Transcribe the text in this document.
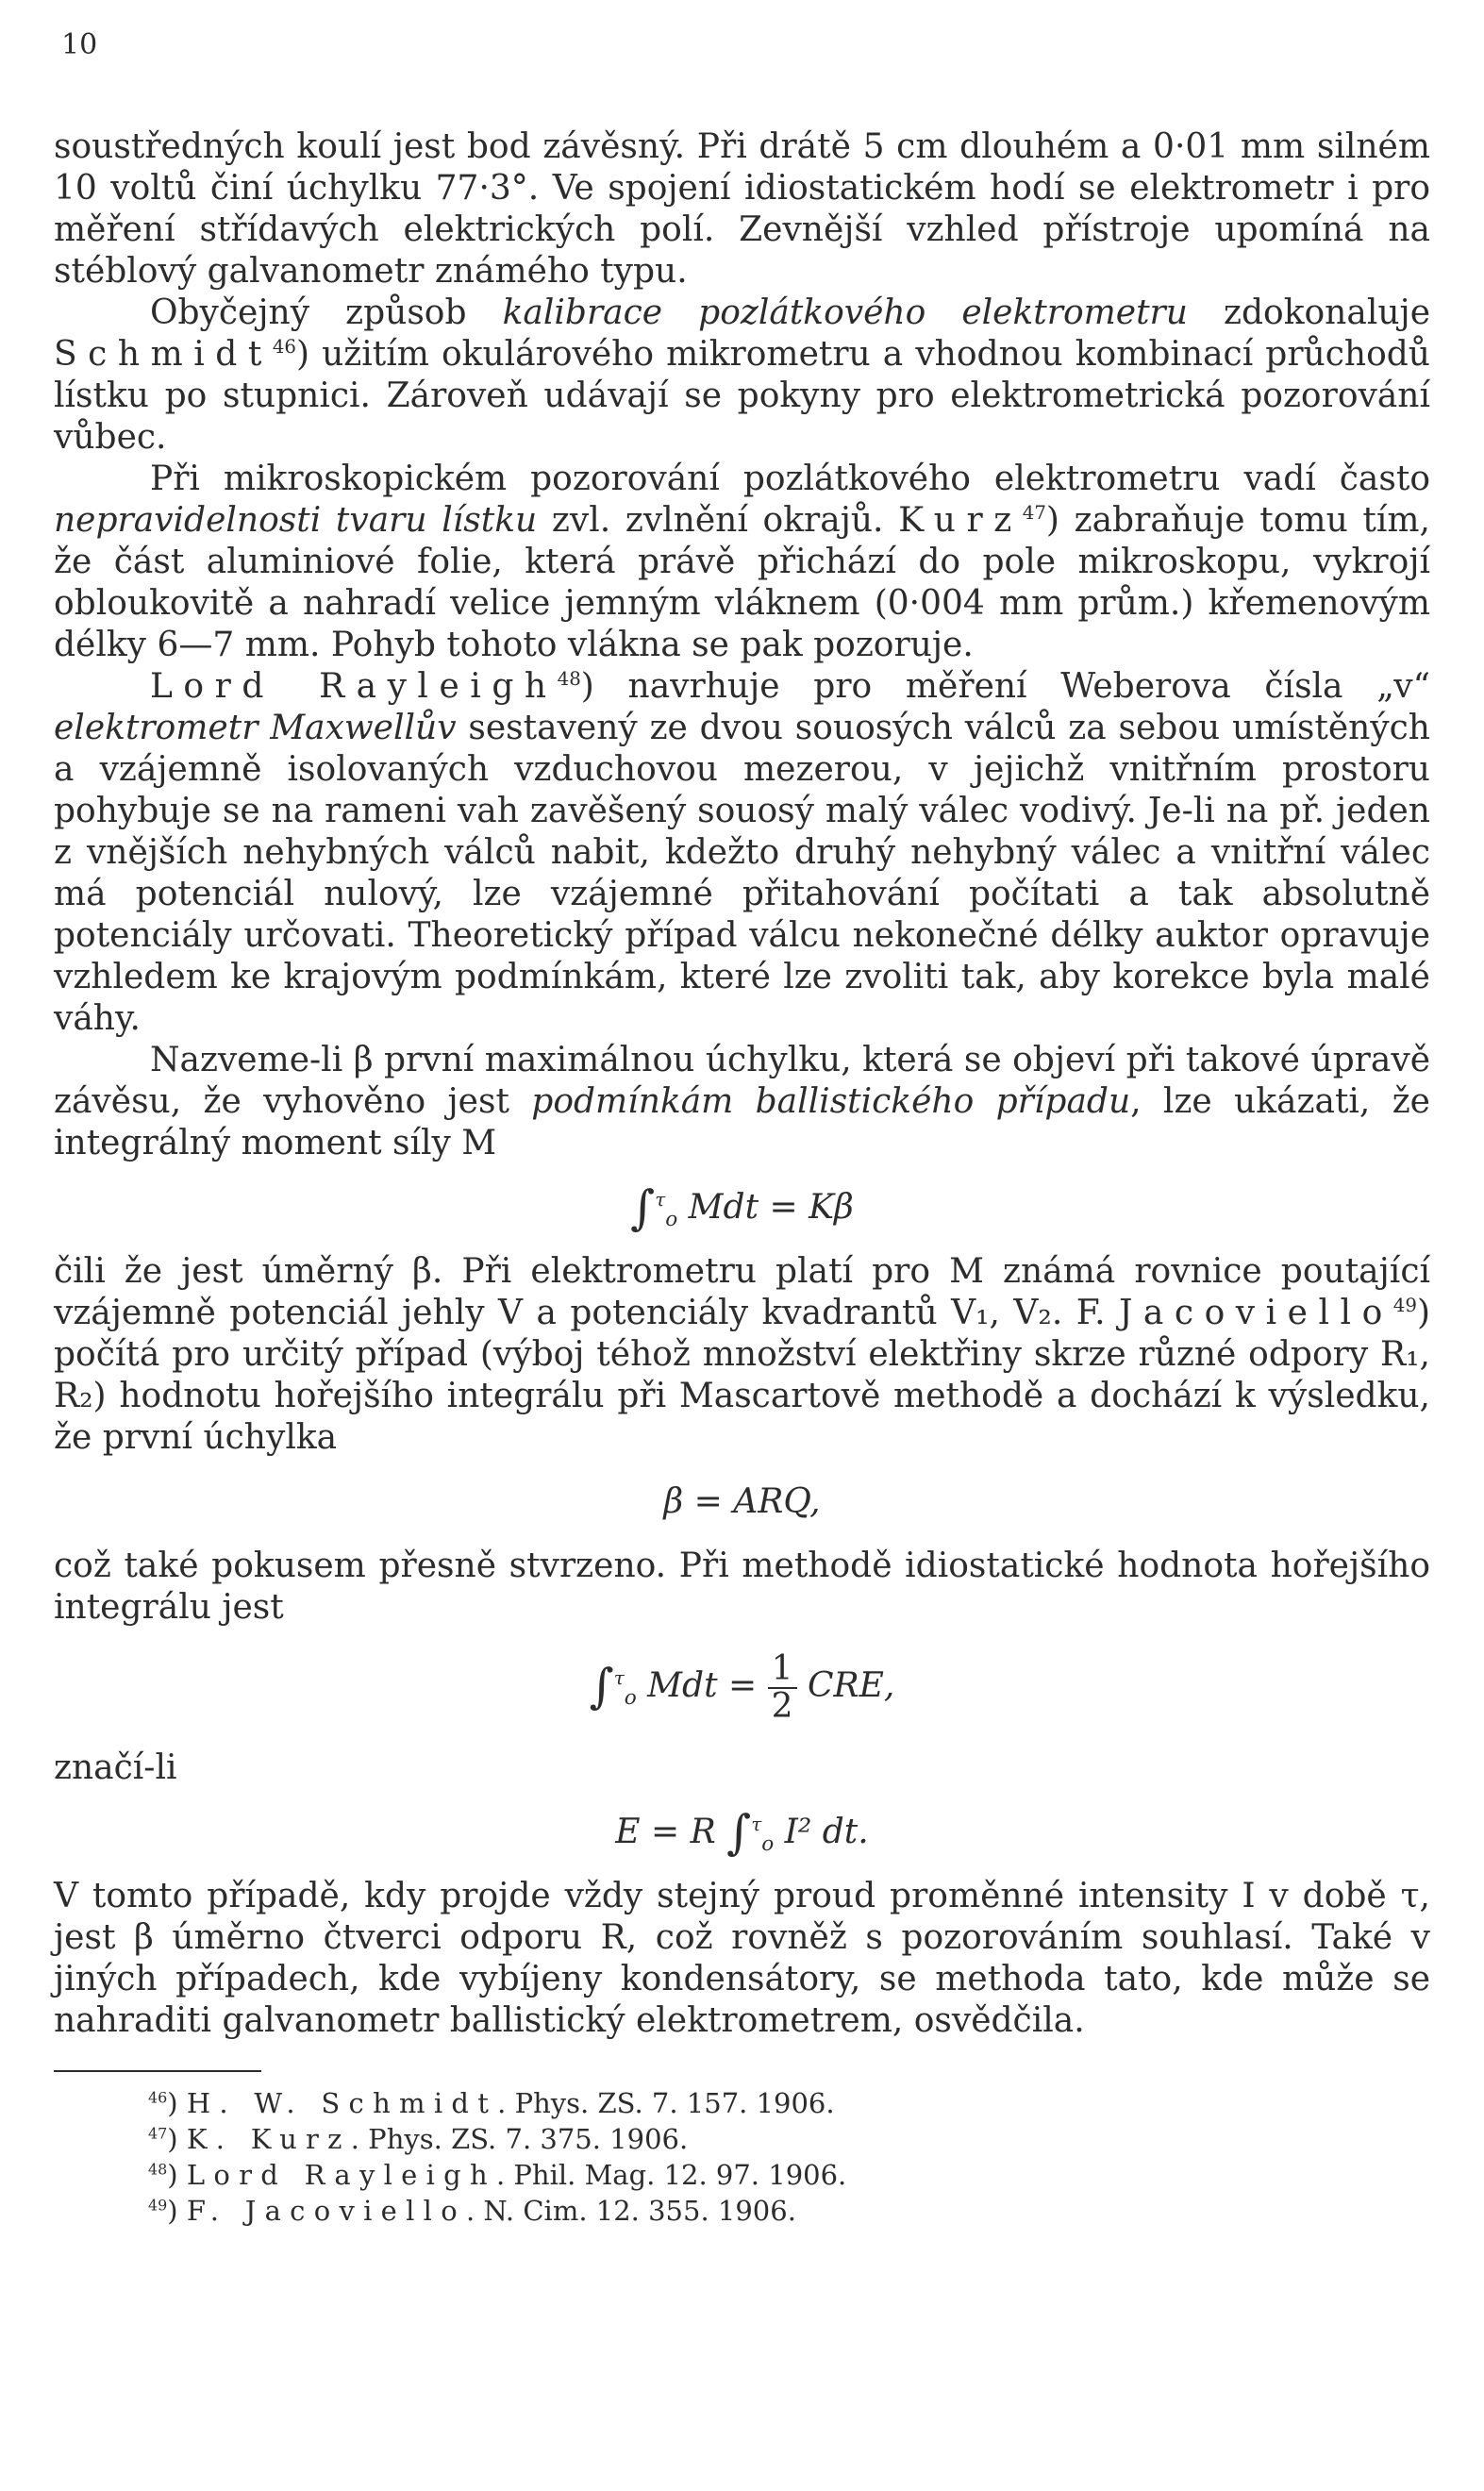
10

soustředných koulí jest bod závěsný. Při drátě 5 cm dlouhém a 0·01 mm silném 10 voltů činí úchylku 77·3°. Ve spojení idiostatickém hodí se elektrometr i pro měření střídavých elektrických polí. Zevnější vzhled přístroje upomíná na stéblový galvanometr známého typu.

Obyčejný způsob kalibrace pozlátkového elektrometru zdokonaluje Schmidt$^{46}$) užitím okulárového mikrometru a vhodnou kombinací průchodů lístku po stupnici. Zároveň udávají se pokyny pro elektrometrická pozorování vůbec.

Při mikroskopickém pozorování pozlátkového elektrometru vadí často nepravidelnosti tvaru lístku zvl. zvlnění okrajů. Kurz$^{47}$) zabraňuje tomu tím, že část aluminiové folie, která právě přichází do pole mikroskopu, vykrojí obloukovitě a nahradí velice jemným vláknem (0·004 mm prům.) křemenovým délky 6—7 mm. Pohyb tohoto vlákna se pak pozoruje.

Lord Rayleigh$^{48}$) navrhuje pro měření Weberova čísla „v“ elektrometr Maxwellův sestavený ze dvou souosých válců za sebou umístěných a vzájemně isolovaných vzduchovou mezerou, v jejichž vnitřním prostoru pohybuje se na rameni vah zavěšený souosý malý válec vodivý. Je-li na př. jeden z vnějších nehybných válců nabit, kdežto druhý nehybný válec a vnitřní válec má potenciál nulový, lze vzájemné přitahování počítati a tak absolutně potenciály určovati. Theoretický případ válcu nekonečné délky auktor opravuje vzhledem ke krajovým podmínkám, které lze zvoliti tak, aby korekce byla malé váhy.

Nazveme-li β první maximálnou úchylku, která se objeví při takové úpravě závěsu, že vyhověno jest podmínkám ballistického případu, lze ukázati, že integrálný moment síly M

∫$^\tau_o$ Mdt = Kβ

čili že jest úměrný β. Při elektrometru platí pro M známá rovnice poutající vzájemně potenciál jehly V a potenciály kvadrantů V₁, V₂. F. Jacoviello$^{49}$) počítá pro určitý případ (výboj téhož množství elektřiny skrze různé odpory R₁, R₂) hodnotu hořejšího integrálu při Mascartově methodě a dochází k výsledku, že první úchylka

β = ARQ,

což také pokusem přesně stvrzeno. Při methodě idiostatické hodnota hořejšího integrálu jest

∫$^\tau_o$ Mdt = $\frac{1}{2}$ CRE,

značí-li

E = R ∫$^\tau_o$ I² dt.

V tomto případě, kdy projde vždy stejný proud proměnné intensity I v době τ, jest β úměrno čtverci odporu R, což rovněž s pozorováním souhlasí. Také v jiných případech, kde vybíjeny kondensátory, se methoda tato, kde může se nahraditi galvanometr ballistický elektrometrem, osvědčila.

$^{46}$) H. W. Schmidt. Phys. ZS. 7. 157. 1906.
$^{47}$) K. Kurz. Phys. ZS. 7. 375. 1906.
$^{48}$) Lord Rayleigh. Phil. Mag. 12. 97. 1906.
$^{49}$) F. Jacoviello. N. Cim. 12. 355. 1906.
